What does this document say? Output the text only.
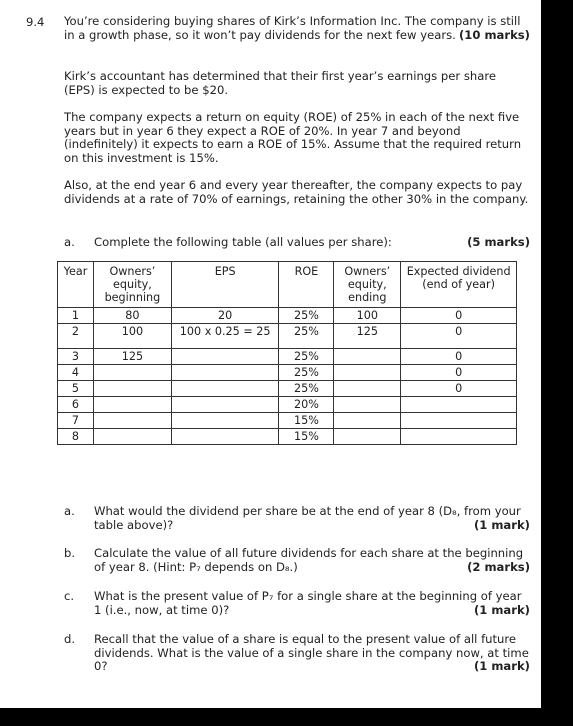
9.4 You’re considering buying shares of Kirk’s Information Inc. The company is still in a growth phase, so it won’t pay dividends for the next few years. (10 marks)
Kirk’s accountant has determined that their first year’s earnings per share (EPS) is expected to be $20.
The company expects a return on equity (ROE) of 25% in each of the next five years but in year 6 they expect a ROE of 20%. In year 7 and beyond (indefinitely) it expects to earn a ROE of 15%. Assume that the required return on this investment is 15%.
Also, at the end year 6 and every year thereafter, the company expects to pay dividends at a rate of 70% of earnings, retaining the other 30% in the company.
a. Complete the following table (all values per share):	(5 marks)
Year	Owners’ equity, beginning	EPS	ROE	Owners’ equity, ending	Expected dividend (end of year)
1	80	20	25%	100	0
2	100	100 x 0.25 = 25	25%	125	0
3	125		25%		0
4			25%		0
5			25%		0
6			20%		
7			15%		
8			15%		
a. What would the dividend per share be at the end of year 8 (D₈, from your table above)?	(1 mark)
b. Calculate the value of all future dividends for each share at the beginning of year 8. (Hint: P₇ depends on D₈.)	(2 marks)
c. What is the present value of P₇ for a single share at the beginning of year 1 (i.e., now, at time 0)?	(1 mark)
d. Recall that the value of a share is equal to the present value of all future dividends. What is the value of a single share in the company now, at time 0?	(1 mark)
